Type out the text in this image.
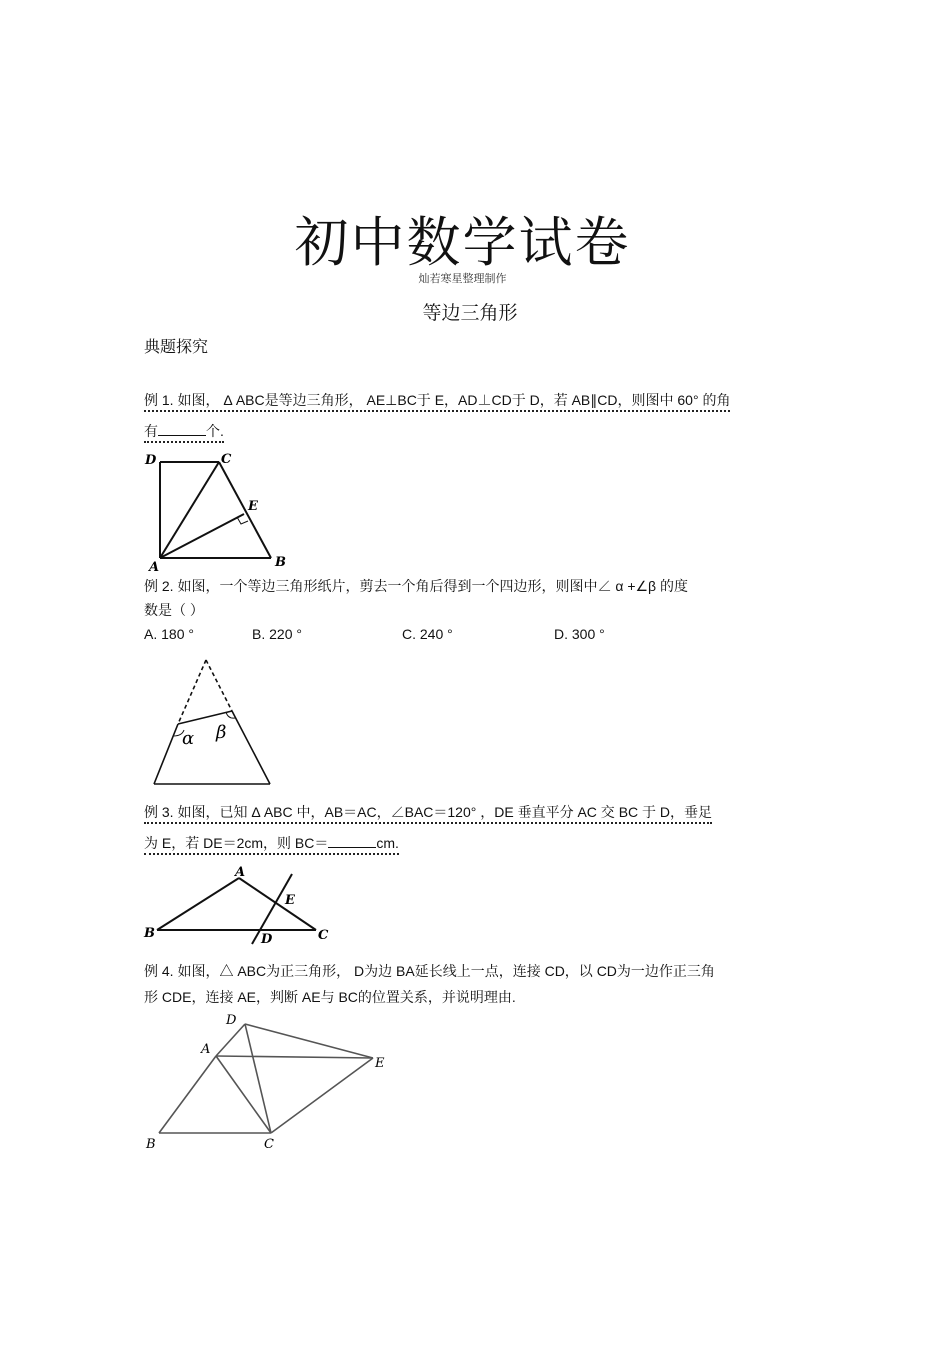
初中数学试卷
灿若寒星整理制作
等边三角形
典题探究
例 1. 如图， Δ ABC是等边三角形， AE⊥BC于 E，AD⊥CD于 D，若 AB∥CD，则图中 60° 的角
有	个.
D	C
E
A	B
例 2. 如图，一个等边三角形纸片，剪去一个角后得到一个四边形，则图中∠ α +∠β 的度
数是（ ）
A. 180 °	B. 220 °	C. 240 °	D. 300 °
α β
例 3. 如图，已知 Δ ABC 中，AB＝AC，∠BAC＝120° ，DE 垂直平分 AC 交 BC 于 D，垂足
为 E，若 DE＝2cm，则 BC＝	cm.
A
E
B	D	C
例 4. 如图，△ ABC为正三角形， D为边 BA延长线上一点，连接 CD，以 CD为一边作正三角
形 CDE，连接 AE，判断 AE与 BC的位置关系，并说明理由.
D
A
E
B	C
